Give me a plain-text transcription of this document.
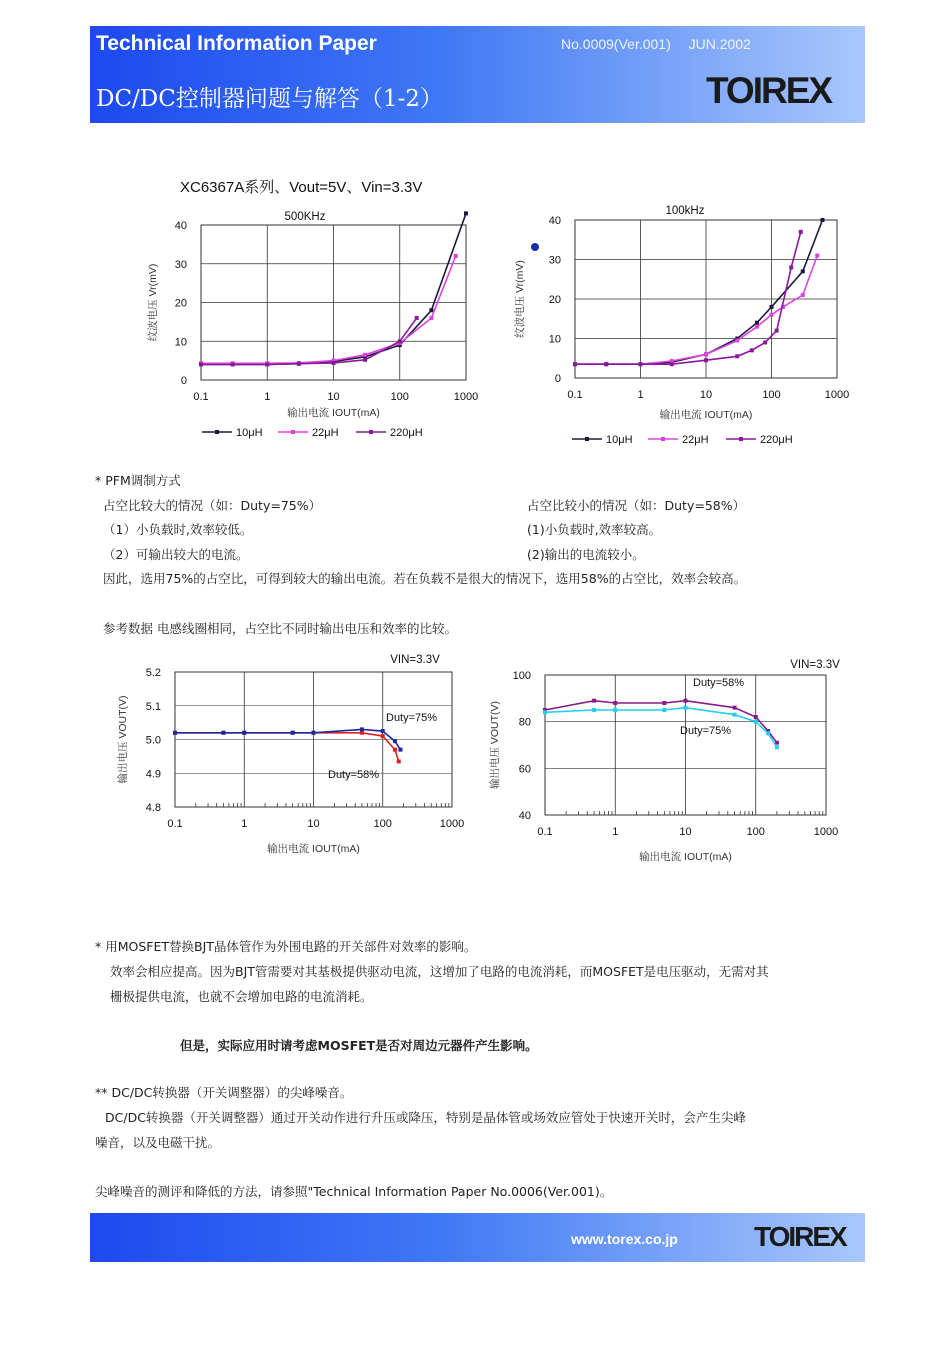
Technical Information Paper
DC/DC控制器问题与解答（1-2）
No.0009(Ver.001)　 JUN.2002
TOIREX
XC6367A系列、Vout=5V、Vin=3.3V
0.1	1	10	100	1000
0
10
20
30
40
500KHz
输出电流 IOUT(mA)
纹波电压 Vr(mV)
10μH	22μH	220μH
0.1	1	10	100	1000
0
10
20
30
40
100kHz
输出电流 IOUT(mA)
纹波电压 Vr(mV)
10μH	22μH	220μH
* PFM调制方式
占空比较大的情况（如：Duty=75%）
（1）小负载时,效率较低。
（2）可输出较大的电流。
占空比较小的情况（如：Duty=58%）
(1)小负载时,效率较高。
(2)输出的电流较小。
因此，选用75%的占空比，可得到较大的输出电流。若在负载不是很大的情况下，选用58%的占空比，效率会较高。
参考数据 电感线圈相同，占空比不同时输出电压和效率的比较。
0.1	1	10	100	1000
4.8
4.9
5.0
5.1
5.2
VIN=3.3V
输出电流 IOUT(mA)
输出电压 VOUT(V)	Duty=75%
Duty=58%
0.1	1	10	100	1000
40
60
80
100
VIN=3.3V
输出电流 IOUT(mA)
输出电压 VOUT(V)
Duty=58%
Duty=75%
* 用MOSFET替换BJT晶体管作为外围电路的开关部件对效率的影响。
效率会相应提高。因为BJT管需要对其基极提供驱动电流，这增加了电路的电流消耗，而MOSFET是电压驱动，无需对其
栅极提供电流，也就不会增加电路的电流消耗。
但是，实际应用时请考虑MOSFET是否对周边元器件产生影响。
** DC/DC转换器（开关调整器）的尖峰噪音。
DC/DC转换器（开关调整器）通过开关动作进行升压或降压，特别是晶体管或场效应管处于快速开关时，会产生尖峰
噪音，以及电磁干扰。
尖峰噪音的测评和降低的方法，请参照"Technical Information Paper No.0006(Ver.001)。
www.torex.co.jp	TOIREX
